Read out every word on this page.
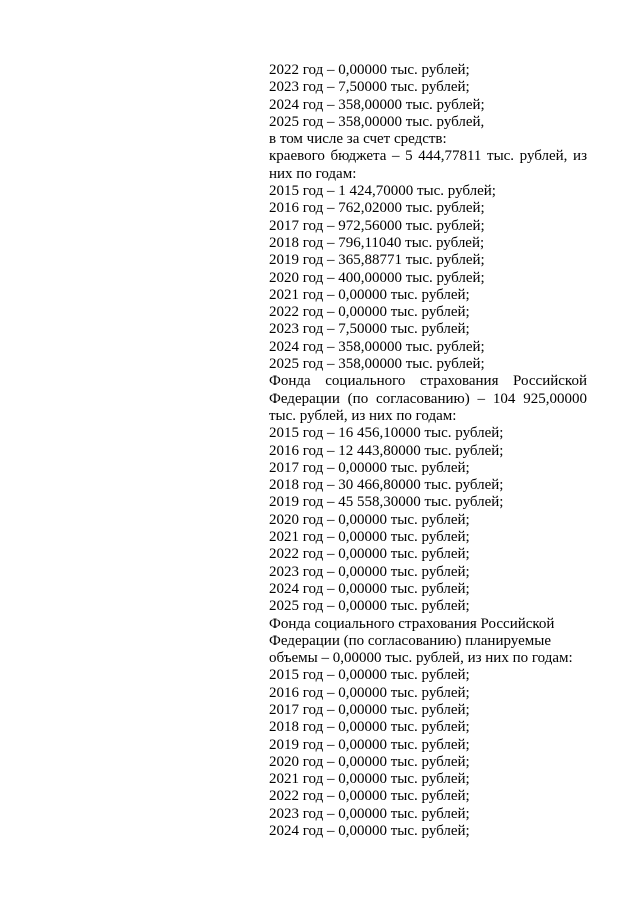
2022 год – 0,00000 тыс. рублей;
2023 год – 7,50000 тыс. рублей;
2024 год – 358,00000 тыс. рублей;
2025 год – 358,00000 тыс. рублей,
в том числе за счет средств:
краевого бюджета – 5 444,77811 тыс. рублей, из них по годам:
2015 год – 1 424,70000 тыс. рублей;
2016 год – 762,02000 тыс. рублей;
2017 год – 972,56000 тыс. рублей;
2018 год – 796,11040 тыс. рублей;
2019 год – 365,88771 тыс. рублей;
2020 год – 400,00000 тыс. рублей;
2021 год – 0,00000 тыс. рублей;
2022 год – 0,00000 тыс. рублей;
2023 год – 7,50000 тыс. рублей;
2024 год – 358,00000 тыс. рублей;
2025 год – 358,00000 тыс. рублей;
Фонда социального страхования Российской Федерации (по согласованию) – 104 925,00000 тыс. рублей, из них по годам:
2015 год – 16 456,10000 тыс. рублей;
2016 год – 12 443,80000 тыс. рублей;
2017 год – 0,00000 тыс. рублей;
2018 год – 30 466,80000 тыс. рублей;
2019 год – 45 558,30000 тыс. рублей;
2020 год – 0,00000 тыс. рублей;
2021 год – 0,00000 тыс. рублей;
2022 год – 0,00000 тыс. рублей;
2023 год – 0,00000 тыс. рублей;
2024 год – 0,00000 тыс. рублей;
2025 год – 0,00000 тыс. рублей;
Фонда социального страхования Российской
Федерации (по согласованию) планируемые
объемы – 0,00000 тыс. рублей, из них по годам:
2015 год – 0,00000 тыс. рублей;
2016 год – 0,00000 тыс. рублей;
2017 год – 0,00000 тыс. рублей;
2018 год – 0,00000 тыс. рублей;
2019 год – 0,00000 тыс. рублей;
2020 год – 0,00000 тыс. рублей;
2021 год – 0,00000 тыс. рублей;
2022 год – 0,00000 тыс. рублей;
2023 год – 0,00000 тыс. рублей;
2024 год – 0,00000 тыс. рублей;
